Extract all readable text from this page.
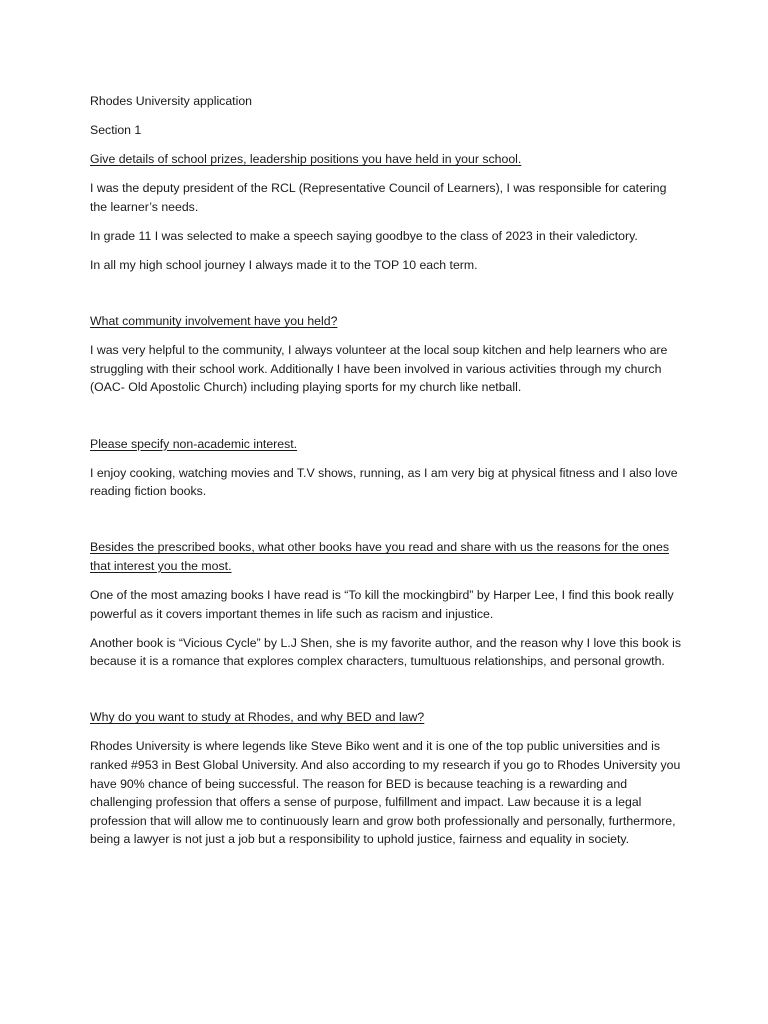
Rhodes University application

Section 1

Give details of school prizes, leadership positions you have held in your school.

I was the deputy president of the RCL (Representative Council of Learners), I was responsible for catering the learner’s needs.

In grade 11 I was selected to make a speech saying goodbye to the class of 2023 in their valedictory.

In all my high school journey I always made it to the TOP 10 each term.

What community involvement have you held?

I was very helpful to the community, I always volunteer at the local soup kitchen and help learners who are struggling with their school work. Additionally I have been involved in various activities through my church (OAC- Old Apostolic Church) including playing sports for my church like netball.

Please specify non-academic interest.

I enjoy cooking, watching movies and T.V shows, running, as I am very big at physical fitness and I also love reading fiction books.

Besides the prescribed books, what other books have you read and share with us the reasons for the ones that interest you the most.

One of the most amazing books I have read is “To kill the mockingbird” by Harper Lee, I find this book really powerful as it covers important themes in life such as racism and injustice.

Another book is “Vicious Cycle” by L.J Shen, she is my favorite author, and the reason why I love this book is because it is a romance that explores complex characters, tumultuous relationships, and personal growth.

Why do you want to study at Rhodes, and why BED and law?

Rhodes University is where legends like Steve Biko went and it is one of the top public universities and is ranked #953 in Best Global University. And also according to my research if you go to Rhodes University you have 90% chance of being successful. The reason for BED is because teaching is a rewarding and challenging profession that offers a sense of purpose, fulfillment and impact. Law because it is a legal profession that will allow me to continuously learn and grow both professionally and personally, furthermore, being a lawyer is not just a job but a responsibility to uphold justice, fairness and equality in society.
